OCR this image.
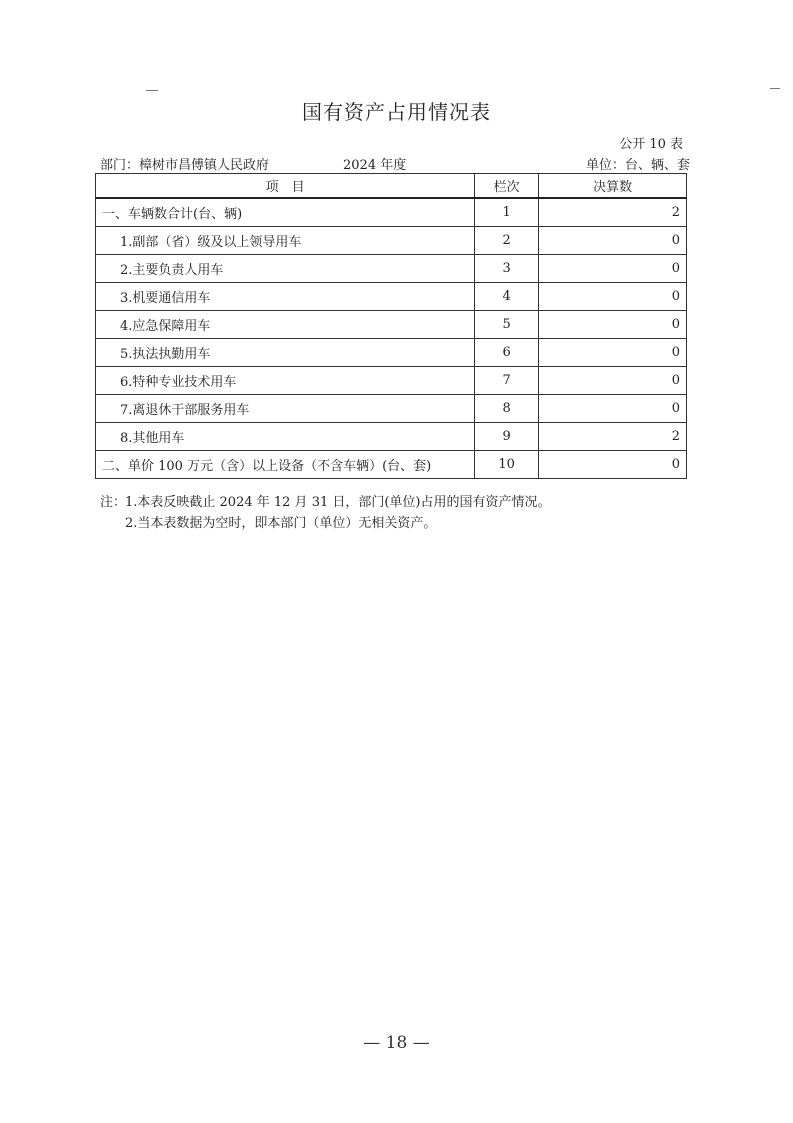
国有资产占用情况表
公开 10 表
部门：樟树市昌傅镇人民政府	2024 年度	单位：台、辆、套
项　目	栏次	决算数
一、车辆数合计(台、辆)	1	2
1.副部（省）级及以上领导用车	2	0
2.主要负责人用车	3	0
3.机要通信用车	4	0
4.应急保障用车	5	0
5.执法执勤用车	6	0
6.特种专业技术用车	7	0
7.离退休干部服务用车	8	0
8.其他用车	9	2
二、单价 100 万元（含）以上设备（不含车辆）(台、套)	10	0
注：1.本表反映截止 2024 年 12 月 31 日，部门(单位)占用的国有资产情况。
2.当本表数据为空时，即本部门（单位）无相关资产。
— 18 —
